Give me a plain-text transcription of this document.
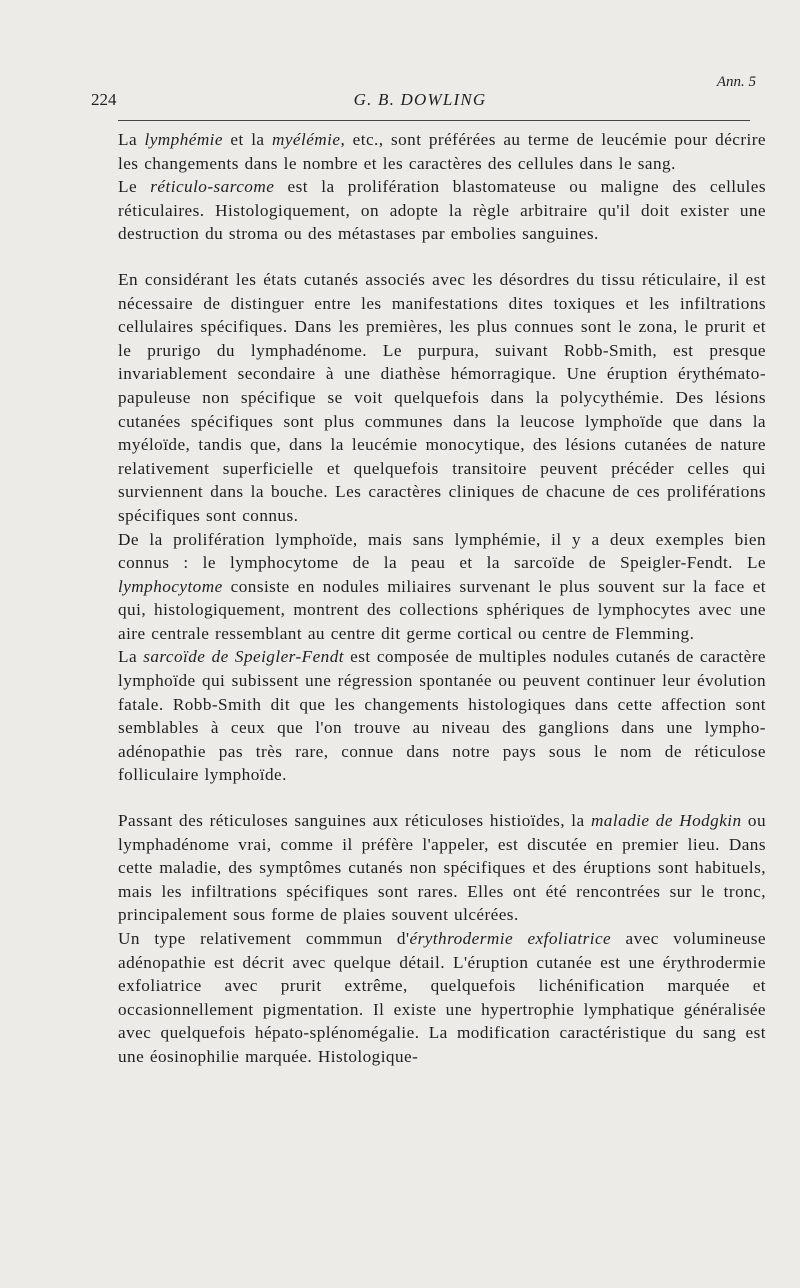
224	G. B. DOWLING
Ann. 5

La lymphémie et la myélémie, etc., sont préférées au terme de leucémie pour décrire les changements dans le nombre et les caractères des cellules dans le sang.

Le réticulo-sarcome est la prolifération blastomateuse ou maligne des cellules réticulaires. Histologiquement, on adopte la règle arbitraire qu'il doit exister une destruction du stroma ou des métastases par embolies sanguines.

En considérant les états cutanés associés avec les désordres du tissu réticulaire, il est nécessaire de distinguer entre les manifestations dites toxiques et les infiltrations cellulaires spécifiques. Dans les premières, les plus connues sont le zona, le prurit et le prurigo du lymphadénome. Le purpura, suivant Robb-Smith, est presque invariablement secondaire à une diathèse hémorragique. Une éruption érythémato-papuleuse non spécifique se voit quelquefois dans la polycythémie. Des lésions cutanées spécifiques sont plus communes dans la leucose lymphoïde que dans la myéloïde, tandis que, dans la leucémie monocytique, des lésions cutanées de nature relativement superficielle et quelquefois transitoire peuvent précéder celles qui surviennent dans la bouche. Les caractères cliniques de chacune de ces proliférations spécifiques sont connus.

De la prolifération lymphoïde, mais sans lymphémie, il y a deux exemples bien connus : le lymphocytome de la peau et la sarcoïde de Speigler-Fendt. Le lymphocytome consiste en nodules miliaires survenant le plus souvent sur la face et qui, histologiquement, montrent des collections sphériques de lymphocytes avec une aire centrale ressemblant au centre dit germe cortical ou centre de Flemming.

La sarcoïde de Speigler-Fendt est composée de multiples nodules cutanés de caractère lymphoïde qui subissent une régression spontanée ou peuvent continuer leur évolution fatale. Robb-Smith dit que les changements histologiques dans cette affection sont semblables à ceux que l'on trouve au niveau des ganglions dans une lympho-adénopathie pas très rare, connue dans notre pays sous le nom de réticulose folliculaire lymphoïde.

Passant des réticuloses sanguines aux réticuloses histioïdes, la maladie de Hodgkin ou lymphadénome vrai, comme il préfère l'appeler, est discutée en premier lieu. Dans cette maladie, des symptômes cutanés non spécifiques et des éruptions sont habituels, mais les infiltrations spécifiques sont rares. Elles ont été rencontrées sur le tronc, principalement sous forme de plaies souvent ulcérées.

Un type relativement commmun d'érythrodermie exfoliatrice avec volumineuse adénopathie est décrit avec quelque détail. L'éruption cutanée est une érythrodermie exfoliatrice avec prurit extrême, quelquefois lichénification marquée et occasionnellement pigmentation. Il existe une hypertrophie lymphatique généralisée avec quelquefois hépato-splénomégalie. La modification caractéristique du sang est une éosinophilie marquée. Histologique-
